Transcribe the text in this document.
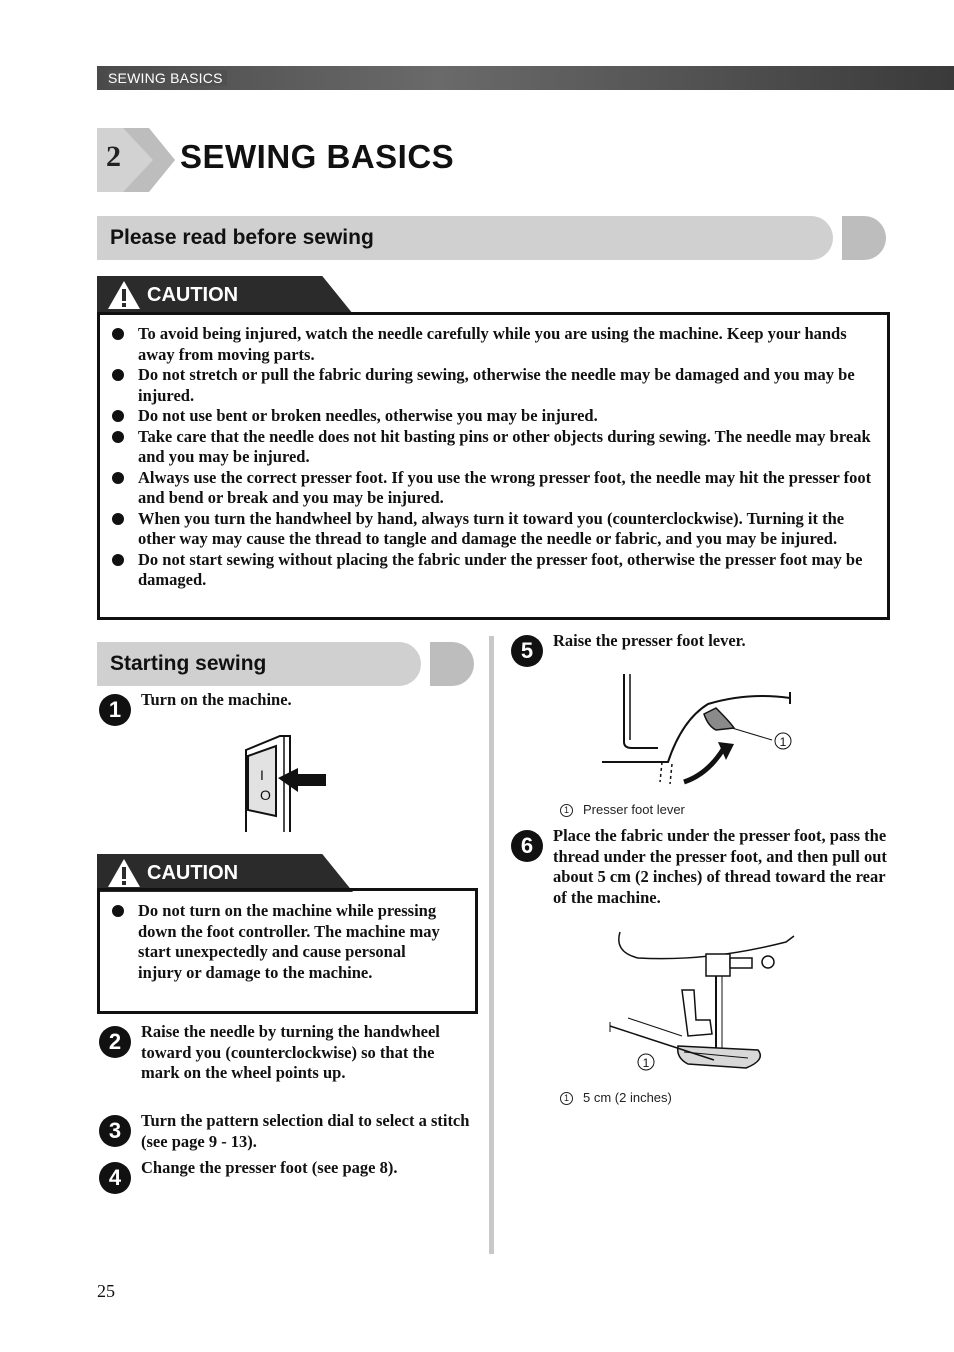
SEWING BASICS
2 SEWING BASICS
Please read before sewing
CAUTION
To avoid being injured, watch the needle carefully while you are using the machine. Keep your hands away from moving parts.
Do not stretch or pull the fabric during sewing, otherwise the needle may be damaged and you may be injured.
Do not use bent or broken needles, otherwise you may be injured.
Take care that the needle does not hit basting pins or other objects during sewing. The needle may break and you may be injured.
Always use the correct presser foot. If you use the wrong presser foot, the needle may hit the presser foot and bend or break and you may be injured.
When you turn the handwheel by hand, always turn it toward you (counterclockwise). Turning it the other way may cause the thread to tangle and damage the needle or fabric, and you may be injured.
Do not start sewing without placing the fabric under the presser foot, otherwise the presser foot may be damaged.
Starting sewing
1	Turn on the machine.
I
O
CAUTION
Do not turn on the machine while pressing down the foot controller. The machine may start unexpectedly and cause personal injury or damage to the machine.
2	Raise the needle by turning the handwheel toward you (counterclockwise) so that the mark on the wheel points up.
3	Turn the pattern selection dial to select a stitch (see page 9 - 13).
4	Change the presser foot (see page 8).
5	Raise the presser foot lever.
1
1 Presser foot lever
6	Place the fabric under the presser foot, pass the thread under the presser foot, and then pull out about 5 cm (2 inches) of thread toward the rear of the machine.
1
1 5 cm (2 inches)
25
